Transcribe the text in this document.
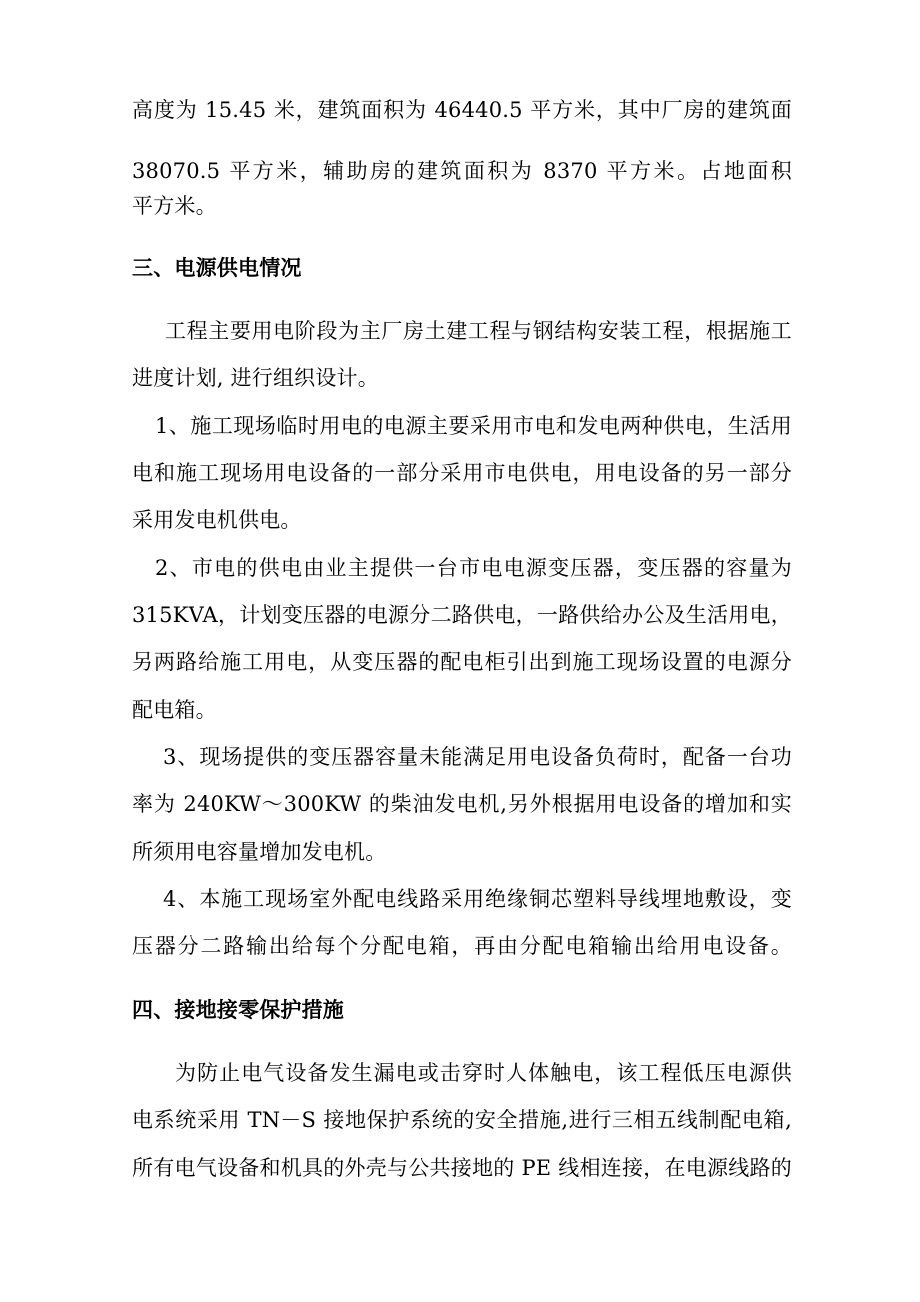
高度为 15.45 米，建筑面积为 46440.5 平方米，其中厂房的建筑面
38070.5 平方米，辅助房的建筑面积为 8370 平方米。占地面积
平方米。
三、电源供电情况
工程主要用电阶段为主厂房土建工程与钢结构安装工程，根据施工
进度计划, 进行组织设计。
1、施工现场临时用电的电源主要采用市电和发电两种供电，生活用
电和施工现场用电设备的一部分采用市电供电，用电设备的另一部分
采用发电机供电。
2、市电的供电由业主提供一台市电电源变压器，变压器的容量为
315KVA，计划变压器的电源分二路供电，一路供给办公及生活用电，
另两路给施工用电，从变压器的配电柜引出到施工现场设置的电源分
配电箱。
3、现场提供的变压器容量未能满足用电设备负荷时，配备一台功
率为 240KW～300KW 的柴油发电机,另外根据用电设备的增加和实
所须用电容量增加发电机。
4、本施工现场室外配电线路采用绝缘铜芯塑料导线埋地敷设，变
压器分二路输出给每个分配电箱，再由分配电箱输出给用电设备。
四、接地接零保护措施
为防止电气设备发生漏电或击穿时人体触电，该工程低压电源供
电系统采用 TN－S 接地保护系统的安全措施,进行三相五线制配电箱,
所有电气设备和机具的外壳与公共接地的 PE 线相连接，在电源线路的
